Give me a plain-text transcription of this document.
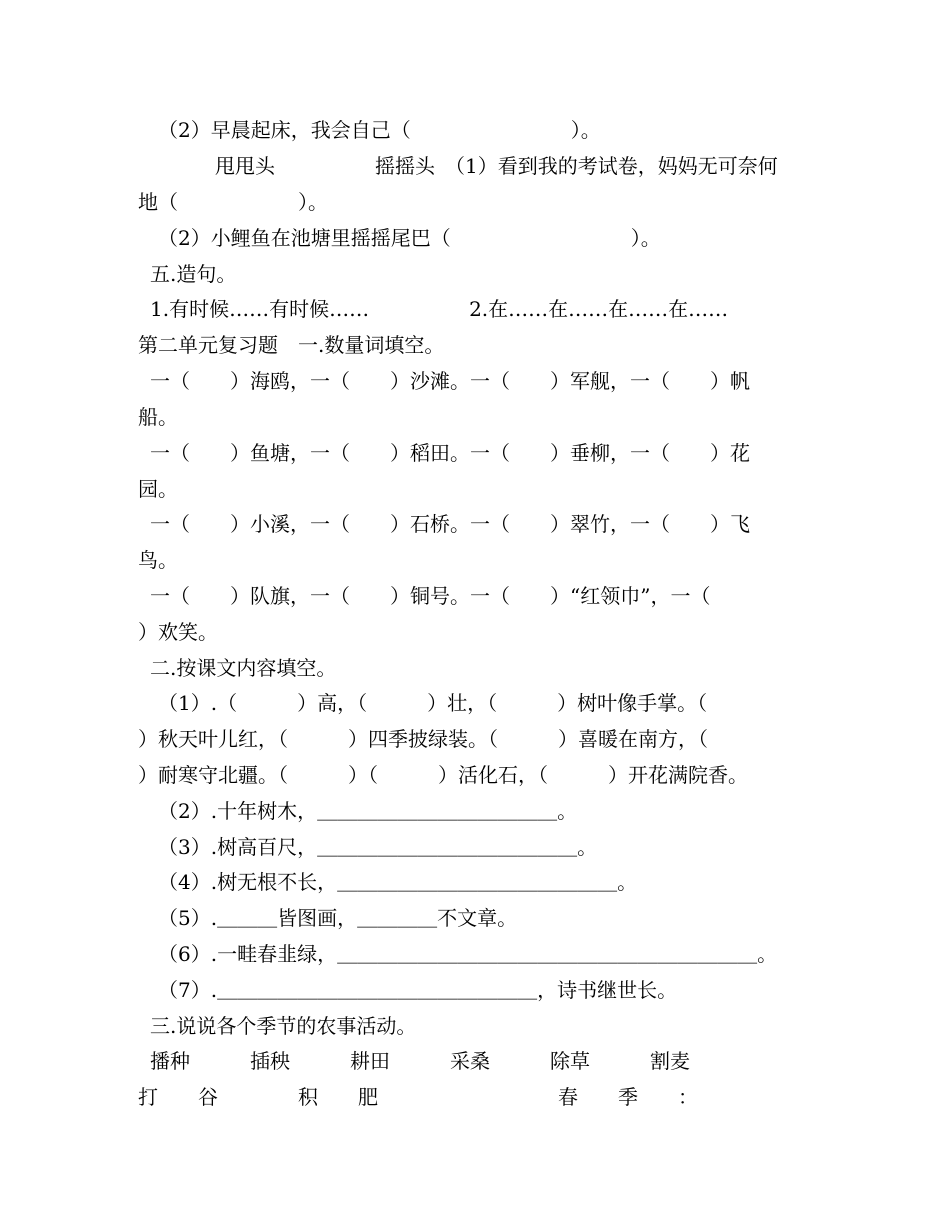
（2）早晨起床，我会自己（　　　　　　　　）。

　　甩甩头　　　　　摇摇头　（1）看到我的考试卷，妈妈无可奈何

地（　　　　　　）。

（2）小鲤鱼在池塘里摇摇尾巴（　　　　　　　　　）。

五.造句。

1.有时候……有时候……　　　　　2.在……在……在……在……

第二单元复习题　一.数量词填空。

一（　　）海鸥，一（　　）沙滩。一（　　）军舰，一（　　）帆

船。

一（　　）鱼塘，一（　　）稻田。一（　　）垂柳，一（　　）花

园。

一（　　）小溪，一（　　）石桥。一（　　）翠竹，一（　　）飞

鸟。

一（　　）队旗，一（　　）铜号。一（　　）“红领巾”，一（

）欢笑。

二.按课文内容填空。

（1）.（　　　）高，（　　　）壮，（　　　）树叶像手掌。（

）秋天叶儿红，（　　　）四季披绿装。（　　　）喜暖在南方，（

）耐寒守北疆。（　　　）（　　　）活化石，（　　　）开花满院香。

（2）.十年树木，＿＿＿＿＿＿＿＿＿＿＿＿。

（3）.树高百尺，＿＿＿＿＿＿＿＿＿＿＿＿＿。

（4）.树无根不长，＿＿＿＿＿＿＿＿＿＿＿＿＿＿。

（5）.＿＿＿皆图画，＿＿＿＿不文章。

（6）.一畦春韭绿，＿＿＿＿＿＿＿＿＿＿＿＿＿＿＿＿＿＿＿＿＿。

（7）.＿＿＿＿＿＿＿＿＿＿＿＿＿＿＿＿，诗书继世长。

三.说说各个季节的农事活动。

播种　　　插秧　　　耕田　　　采桑　　　除草　　　割麦

打　　谷　　　　积　　肥　　　　　　　　　春　　季　　：
